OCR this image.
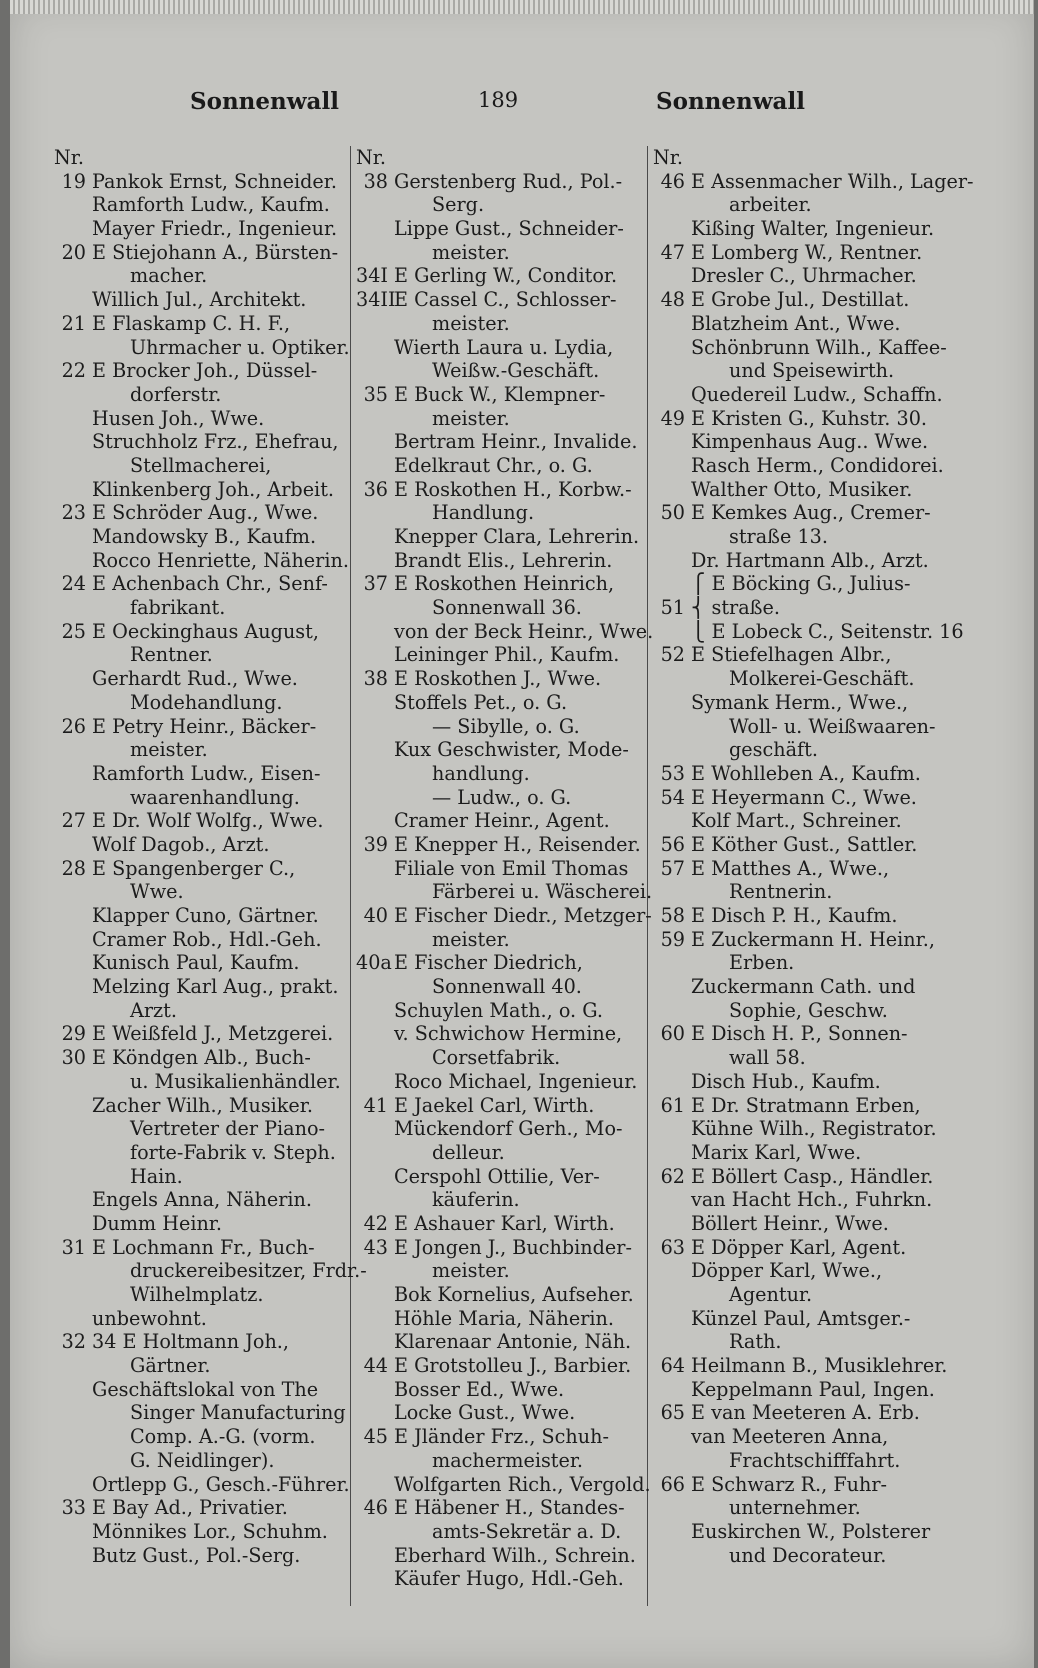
Sonnenwall	189	Sonnenwall
Nr.
19 Pankok Ernst, Schneider.
Ramforth Ludw., Kaufm.
Mayer Friedr., Ingenieur.
20 E Stiejohann A., Bürsten-
macher.
Willich Jul., Architekt.
21 E Flaskamp C. H. F.,
Uhrmacher u. Optiker.
22 E Brocker Joh., Düssel-
dorferstr.
Husen Joh., Wwe.
Struchholz Frz., Ehefrau,
Stellmacherei,
Klinkenberg Joh., Arbeit.
23 E Schröder Aug., Wwe.
Mandowsky B., Kaufm.
Rocco Henriette, Näherin.
24 E Achenbach Chr., Senf-
fabrikant.
25 E Oeckinghaus August,
Rentner.
Gerhardt Rud., Wwe.
Modehandlung.
26 E Petry Heinr., Bäcker-
meister.
Ramforth Ludw., Eisen-
waarenhandlung.
27 E Dr. Wolf Wolfg., Wwe.
Wolf Dagob., Arzt.
28 E Spangenberger C.,
Wwe.
Klapper Cuno, Gärtner.
Cramer Rob., Hdl.-Geh.
Kunisch Paul, Kaufm.
Melzing Karl Aug., prakt.
Arzt.
29 E Weißfeld J., Metzgerei.
30 E Köndgen Alb., Buch-
u. Musikalienhändler.
Zacher Wilh., Musiker.
Vertreter der Piano-
forte-Fabrik v. Steph.
Hain.
Engels Anna, Näherin.
Dumm Heinr.
31 E Lochmann Fr., Buch-
druckereibesitzer, Frdr.-
Wilhelmplatz.
unbewohnt.
32 34 E Holtmann Joh.,
Gärtner.
Geschäftslokal von The
Singer Manufacturing
Comp. A.-G. (vorm.
G. Neidlinger).
Ortlepp G., Gesch.-Führer.
33 E Bay Ad., Privatier.
Mönnikes Lor., Schuhm.
Butz Gust., Pol.-Serg.
Nr.
38 Gerstenberg Rud., Pol.-
Serg.
Lippe Gust., Schneider-
meister.
34I E Gerling W., Conditor.
34IIE Cassel C., Schlosser-
meister.
Wierth Laura u. Lydia,
Weißw.-Geschäft.
35 E Buck W., Klempner-
meister.
Bertram Heinr., Invalide.
Edelkraut Chr., o. G.
36 E Roskothen H., Korbw.-
Handlung.
Knepper Clara, Lehrerin.
Brandt Elis., Lehrerin.
37 E Roskothen Heinrich,
Sonnenwall 36.
von der Beck Heinr., Wwe.
Leininger Phil., Kaufm.
38 E Roskothen J., Wwe.
Stoffels Pet., o. G.
— Sibylle, o. G.
Kux Geschwister, Mode-
handlung.
— Ludw., o. G.
Cramer Heinr., Agent.
39 E Knepper H., Reisender.
Filiale von Emil Thomas
Färberei u. Wäscherei.
40 E Fischer Diedr., Metzger-
meister.
40a E Fischer Diedrich,
Sonnenwall 40.
Schuylen Math., o. G.
v. Schwichow Hermine,
Corsetfabrik.
Roco Michael, Ingenieur.
41 E Jaekel Carl, Wirth.
Mückendorf Gerh., Mo-
delleur.
Cerspohl Ottilie, Ver-
käuferin.
42 E Ashauer Karl, Wirth.
43 E Jongen J., Buchbinder-
meister.
Bok Kornelius, Aufseher.
Höhle Maria, Näherin.
Klarenaar Antonie, Näh.
44 E Grotstolleu J., Barbier.
Bosser Ed., Wwe.
Locke Gust., Wwe.
45 E Jländer Frz., Schuh-
machermeister.
Wolfgarten Rich., Vergold.
46 E Häbener H., Standes-
amts-Sekretär a. D.
Eberhard Wilh., Schrein.
Käufer Hugo, Hdl.-Geh.
Nr.
46 E Assenmacher Wilh., Lager-
arbeiter.
Kißing Walter, Ingenieur.
47 E Lomberg W., Rentner.
Dresler C., Uhrmacher.
48 E Grobe Jul., Destillat.
Blatzheim Ant., Wwe.
Schönbrunn Wilh., Kaffee-
und Speisewirth.
Quedereil Ludw., Schaffn.
49 E Kristen G., Kuhstr. 30.
Kimpenhaus Aug.. Wwe.
Rasch Herm., Condidorei.
Walther Otto, Musiker.
50 E Kemkes Aug., Cremer-
straße 13.
Dr. Hartmann Alb., Arzt.
⎧ E Böcking G., Julius-
51 ⎨ straße.
⎩ E Lobeck C., Seitenstr. 16
52 E Stiefelhagen Albr.,
Molkerei-Geschäft.
Symank Herm., Wwe.,
Woll- u. Weißwaaren-
geschäft.
53 E Wohlleben A., Kaufm.
54 E Heyermann C., Wwe.
Kolf Mart., Schreiner.
56 E Köther Gust., Sattler.
57 E Matthes A., Wwe.,
Rentnerin.
58 E Disch P. H., Kaufm.
59 E Zuckermann H. Heinr.,
Erben.
Zuckermann Cath. und
Sophie, Geschw.
60 E Disch H. P., Sonnen-
wall 58.
Disch Hub., Kaufm.
61 E Dr. Stratmann Erben,
Kühne Wilh., Registrator.
Marix Karl, Wwe.
62 E Böllert Casp., Händler.
van Hacht Hch., Fuhrkn.
Böllert Heinr., Wwe.
63 E Döpper Karl, Agent.
Döpper Karl, Wwe.,
Agentur.
Künzel Paul, Amtsger.-
Rath.
64 Heilmann B., Musiklehrer.
Keppelmann Paul, Ingen.
65 E van Meeteren A. Erb.
van Meeteren Anna,
Frachtschifffahrt.
66 E Schwarz R., Fuhr-
unternehmer.
Euskirchen W., Polsterer
und Decorateur.
